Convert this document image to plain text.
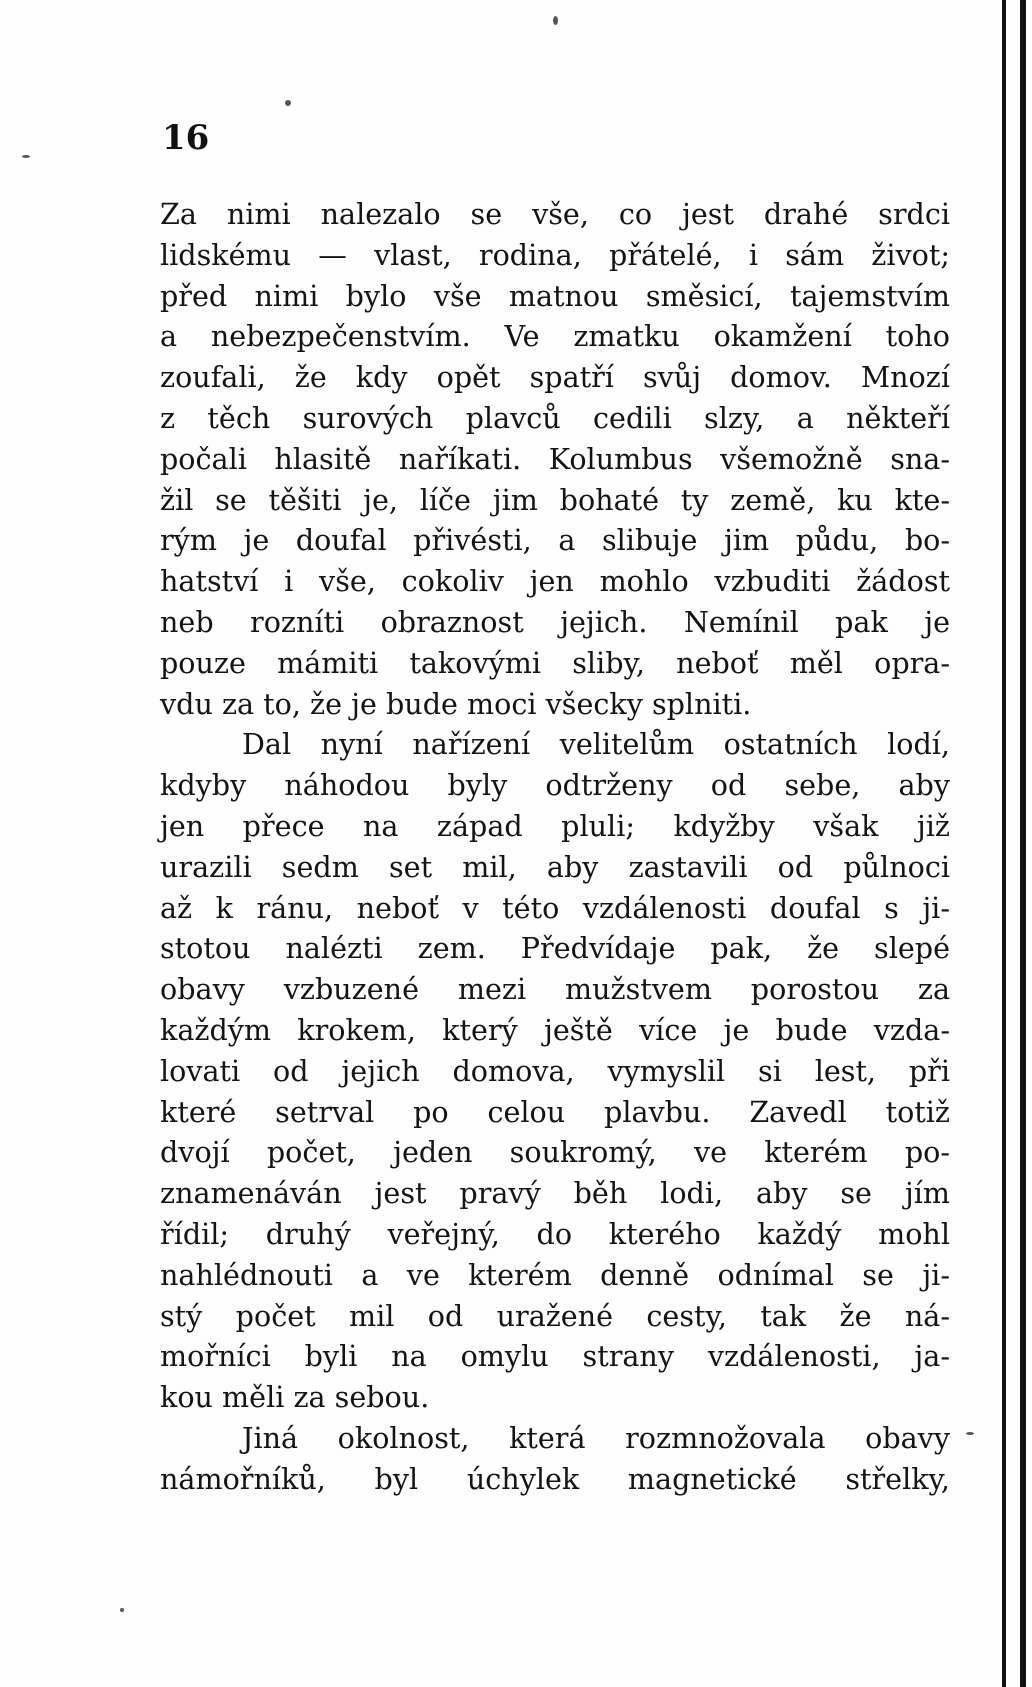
16
Za nimi nalezalo se vše, co jest drahé srdci
lidskému — vlast, rodina, přátelé, i sám život;
před nimi bylo vše matnou směsicí, tajemstvím
a nebezpečenstvím. Ve zmatku okamžení toho
zoufali, že kdy opět spatří svůj domov. Mnozí
z těch surových plavců cedili slzy, a někteří
počali hlasitě naříkati. Kolumbus všemožně sna-
žil se těšiti je, líče jim bohaté ty země, ku kte-
rým je doufal přivésti, a slibuje jim půdu, bo-
hatství i vše, cokoliv jen mohlo vzbuditi žádost
neb rozníti obraznost jejich. Nemínil pak je
pouze mámiti takovými sliby, neboť měl opra-
vdu za to, že je bude moci všecky splniti.
Dal nyní nařízení velitelům ostatních lodí,
kdyby náhodou byly odtrženy od sebe, aby
jen přece na západ pluli; kdyžby však již
urazili sedm set mil, aby zastavili od půlnoci
až k ránu, neboť v této vzdálenosti doufal s ji-
stotou nalézti zem. Předvídaje pak, že slepé
obavy vzbuzené mezi mužstvem porostou za
každým krokem, který ještě více je bude vzda-
lovati od jejich domova, vymyslil si lest, při
které setrval po celou plavbu. Zavedl totiž
dvojí počet, jeden soukromý, ve kterém po-
znamenáván jest pravý běh lodi, aby se jím
řídil; druhý veřejný, do kterého každý mohl
nahlédnouti a ve kterém denně odnímal se ji-
stý počet mil od uražené cesty, tak že ná-
mořníci byli na omylu strany vzdálenosti, ja-
kou měli za sebou.
Jiná okolnost, která rozmnožovala obavy
námořníků, byl úchylek magnetické střelky,
